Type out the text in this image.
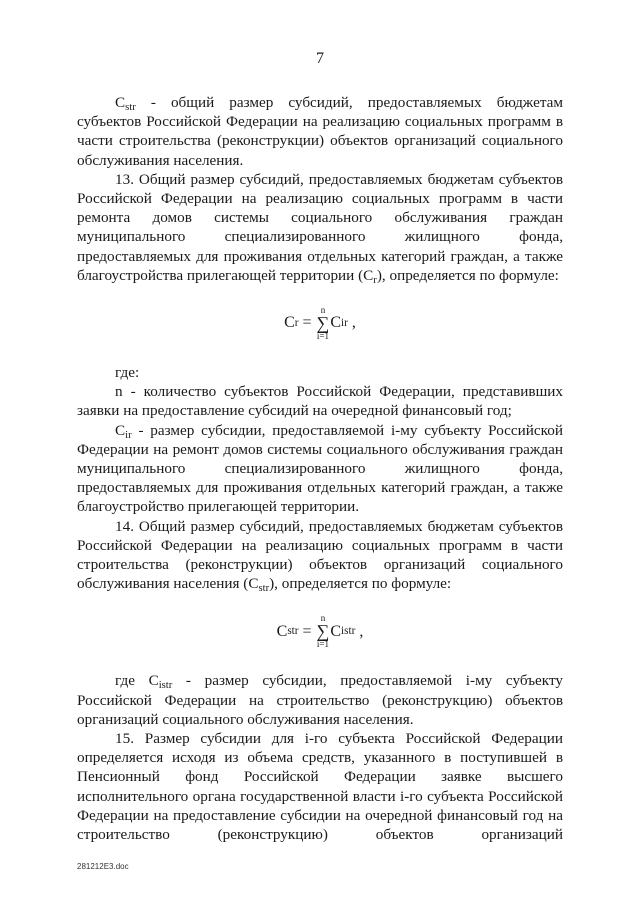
7

$C_{str}$ - общий размер субсидий, предоставляемых бюджетам субъектов Российской Федерации на реализацию социальных программ в части строительства (реконструкции) объектов организаций социального обслуживания населения.

13. Общий размер субсидий, предоставляемых бюджетам субъектов Российской Федерации на реализацию социальных программ в части ремонта домов системы социального обслуживания граждан муниципального специализированного жилищного фонда, предоставляемых для проживания отдельных категорий граждан, а также благоустройства прилегающей территории $(C_r)$, определяется по формуле:

C r =
n
∑
i=1
C ir ,

где:

n - количество субъектов Российской Федерации, представивших заявки на предоставление субсидий на очередной финансовый год;

$C_{ir}$ - размер субсидии, предоставляемой i-му субъекту Российской Федерации на ремонт домов системы социального обслуживания граждан муниципального специализированного жилищного фонда, предоставляемых для проживания отдельных категорий граждан, а также благоустройство прилегающей территории.

14. Общий размер субсидий, предоставляемых бюджетам субъектов Российской Федерации на реализацию социальных программ в части строительства (реконструкции) объектов организаций социального обслуживания населения $(C_{str})$, определяется по формуле:

C str =
n
∑
i=1
C istr ,

где $C_{istr}$ - размер субсидии, предоставляемой i-му субъекту Российской Федерации на строительство (реконструкцию) объектов организаций социального обслуживания населения.

15. Размер субсидии для i-го субъекта Российской Федерации определяется исходя из объема средств, указанного в поступившей в Пенсионный фонд Российской Федерации заявке высшего исполнительного органа государственной власти i-го субъекта Российской Федерации на предоставление субсидии на очередной финансовый год на строительство (реконструкцию) объектов организаций

281212E3.doc
